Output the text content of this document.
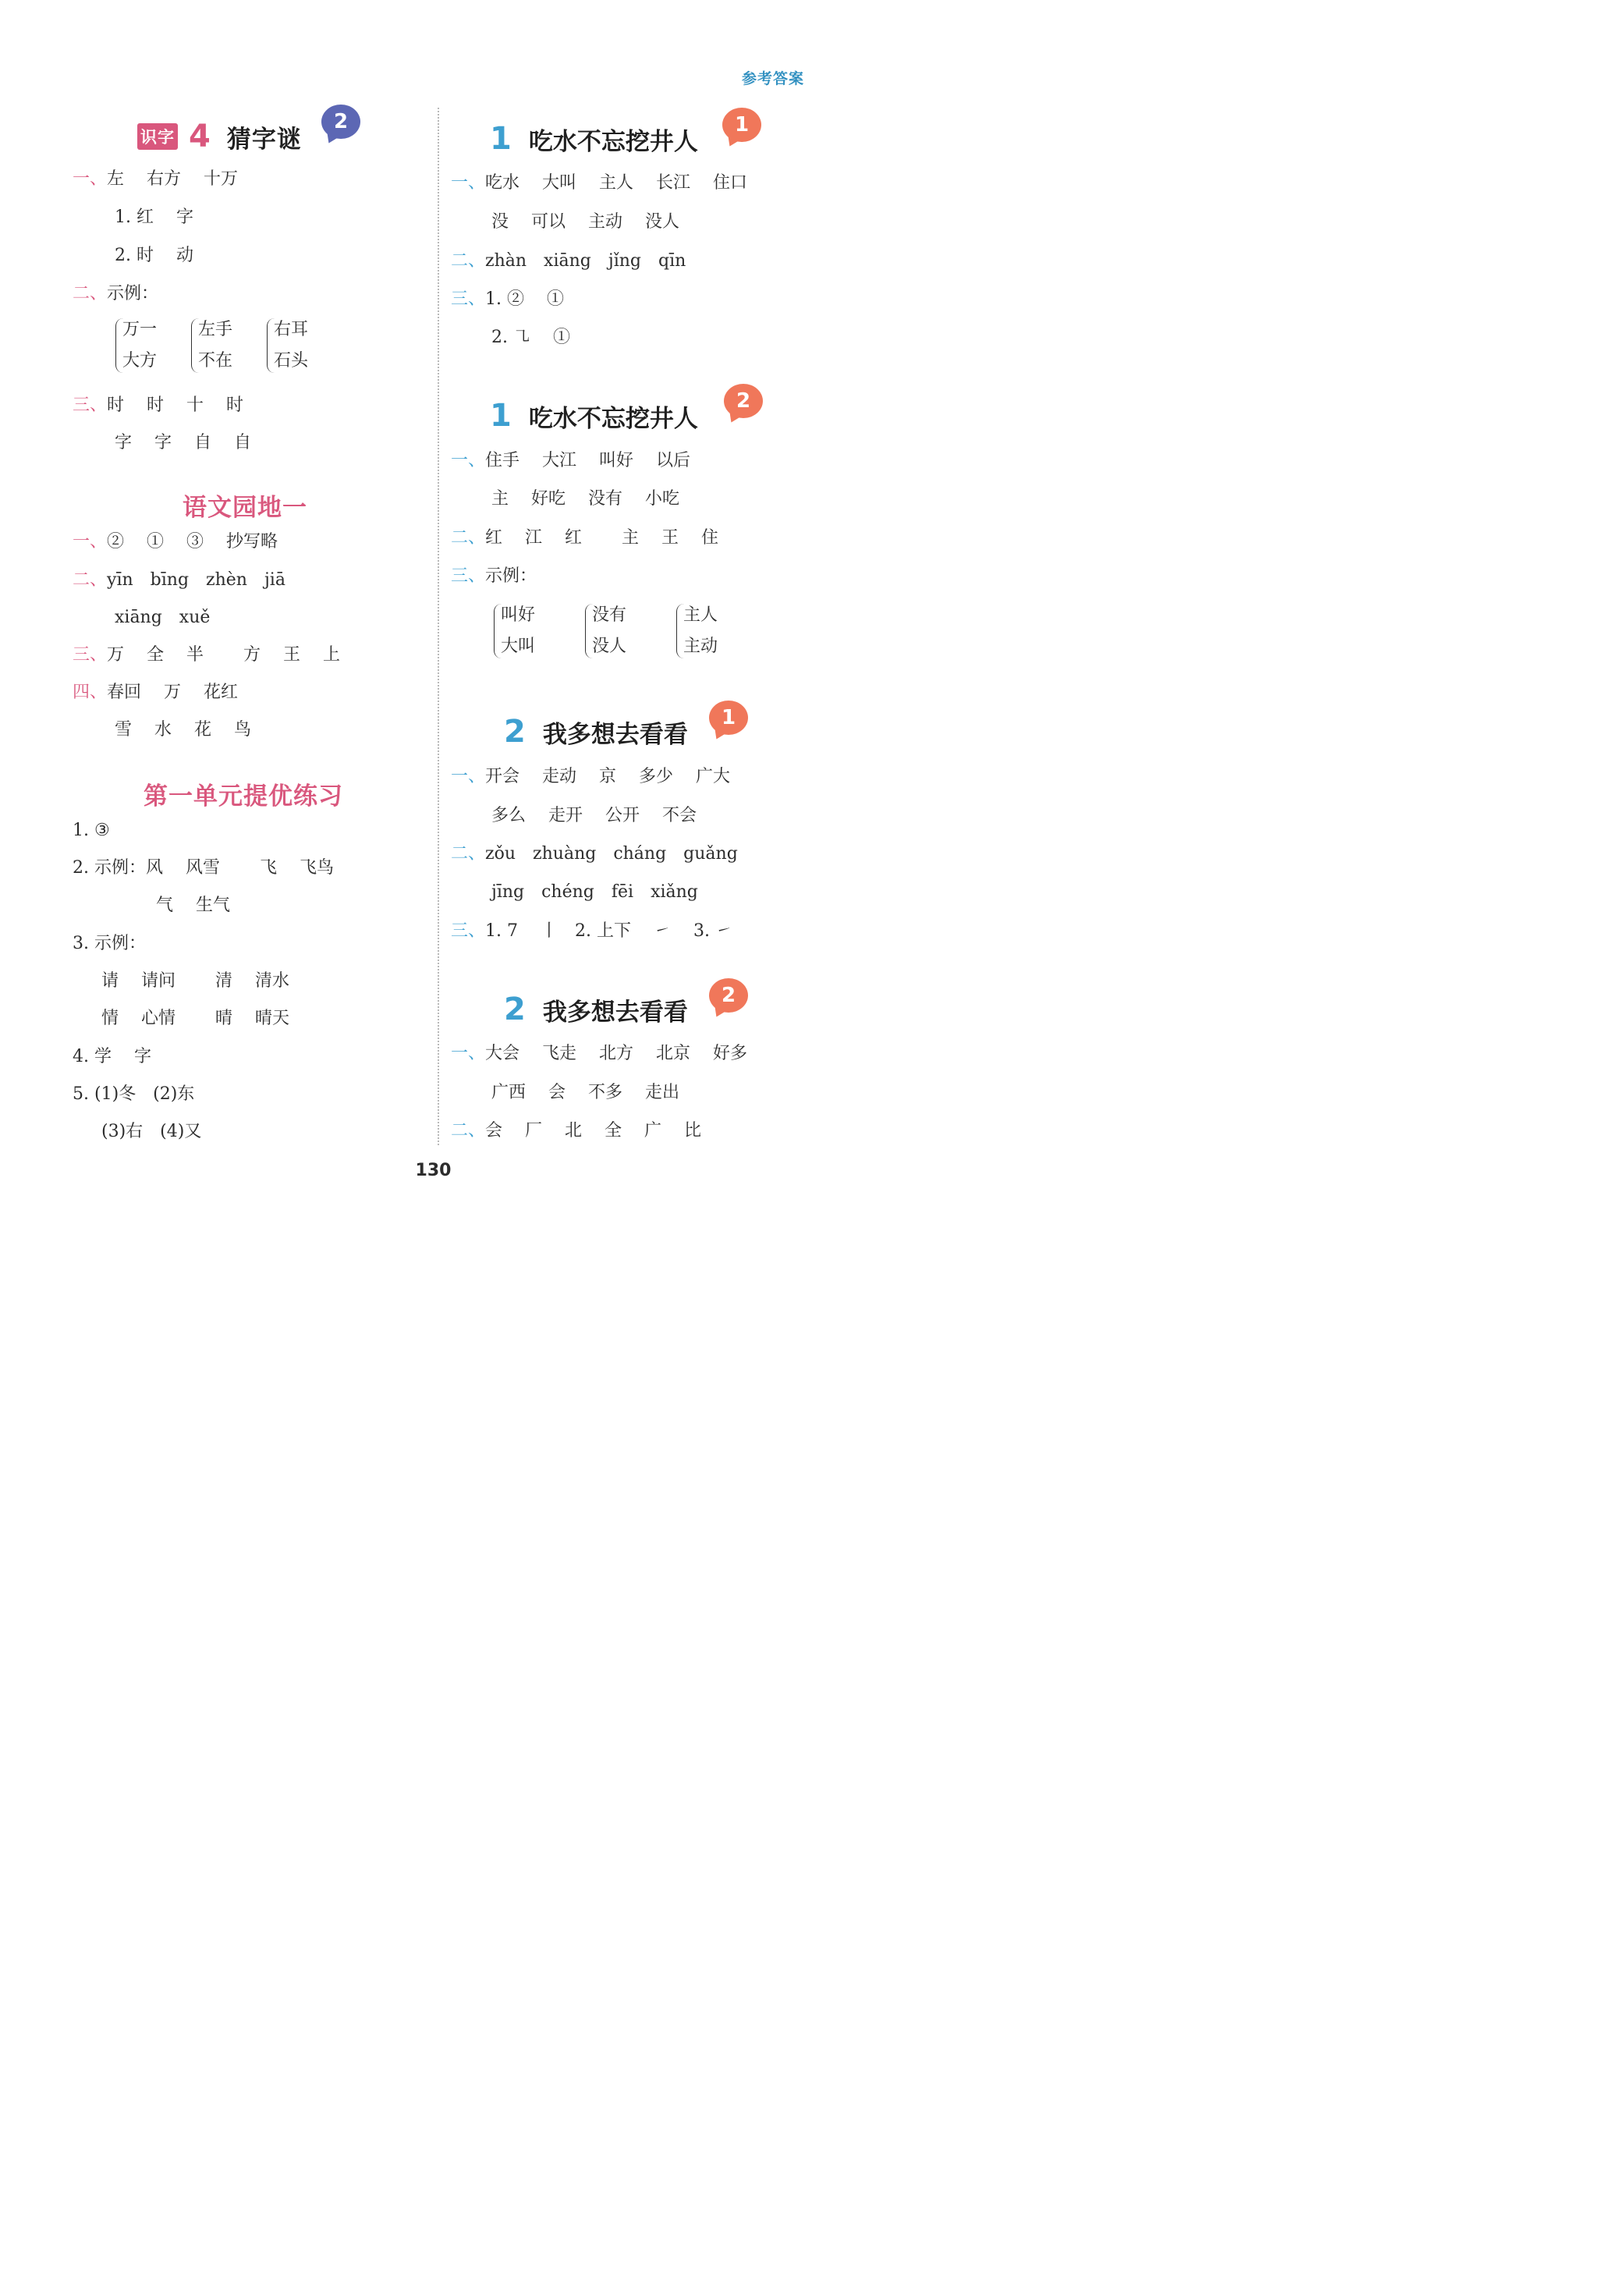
参考答案
识字 4 猜字谜
2
一、左　 右方　 十万
1. 红　 字
2. 时　 动
二、示例：
万一
大方
左手
不在
右耳
石头
三、时　 时　 十　 时
字　 字　 自　 自
语文园地一
一、②　 ①　 ③　 抄写略
二、yīn　bīng　zhèn　jiā
xiāng　xuě
三、万　 全　 半　　 方　 王　 上
四、春回　 万　 花红
雪　 水　 花　 鸟
第一单元提优练习
1. ③
2. 示例：风　 风雪　　 飞　 飞鸟
气　 生气
3. 示例：
请　 请问　　 清　 清水
情　 心情　　 晴　 晴天
4. 学　 字
5. (1)冬　(2)东
(3)右　(4)又
1 吃水不忘挖井人
1
一、吃水　 大叫　 主人　 长江　 住口
没　 可以　 主动　 没人
二、zhàn　xiāng　jǐng　qīn
三、1. ②　 ①
2. ㇈　 ①
1 吃水不忘挖井人
2
一、住手　 大江　 叫好　 以后
主　 好吃　 没有　 小吃
二、红　 江　 红　　 主　 王　 住
三、示例：
叫好
大叫
没有
没人
主人
主动
2 我多想去看看
1
一、开会　 走动　 京　 多少　 广大
多么　 走开　 公开　 不会
二、zǒu　zhuàng　cháng　guǎng
jīng　chéng　fēi　xiǎng
三、1. 7　 丨　2. 上下　 ㇀　 3. ㇀
2 我多想去看看
2
一、大会　 飞走　 北方　 北京　 好多
广西　 会　 不多　 走出
二、会　 厂　 北　 全　 广　 比
130
